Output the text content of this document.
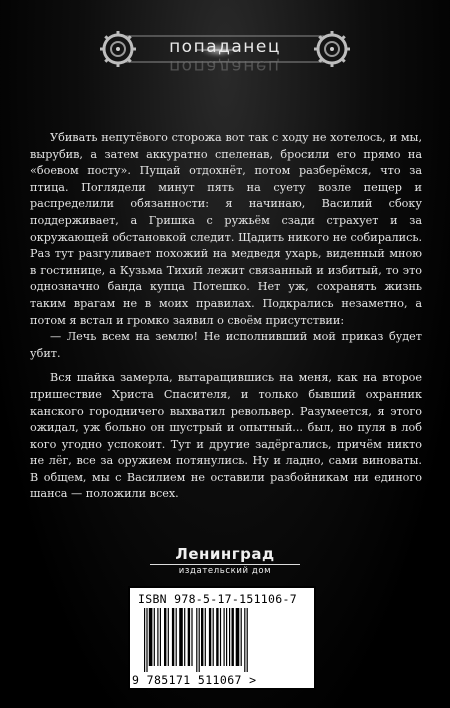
попаданец
попаданец

Убивать непутёвого сторожа вот так с ходу не хотелось, и мы, вырубив, а затем аккуратно спеленав, бросили его прямо на «боевом посту». Пущай отдохнёт, потом разберёмся, что за птица. Поглядели минут пять на суету возле пещер и распределили обязанности: я начинаю, Василий сбоку поддерживает, а Гришка с ружьём сзади страхует и за окружающей обстановкой следит. Щадить никого не собирались. Раз тут разгуливает похожий на медведя ухарь, виденный мною в гостинице, а Кузьма Тихий лежит связанный и избитый, то это однозначно банда купца Потешко. Нет уж, сохранять жизнь таким врагам не в моих правилах. Подкрались незаметно, а потом я встал и громко заявил о своём присутствии:

— Лечь всем на землю! Не исполнивший мой приказ будет убит.

Вся шайка замерла, вытаращившись на меня, как на второе пришествие Христа Спасителя, и только бывший охранник канского городничего выхватил револьвер. Разумеется, я этого ожидал, уж больно он шустрый и опытный... был, но пуля в лоб кого угодно успокоит. Тут и другие задёргались, причём никто не лёг, все за оружием потянулись. Ну и ладно, сами виноваты. В общем, мы с Василием не оставили разбойникам ни единого шанса — положили всех.

Ленинград
издательский дом
ISBN 978-5-17-151106-7
9 785171 511067 >
